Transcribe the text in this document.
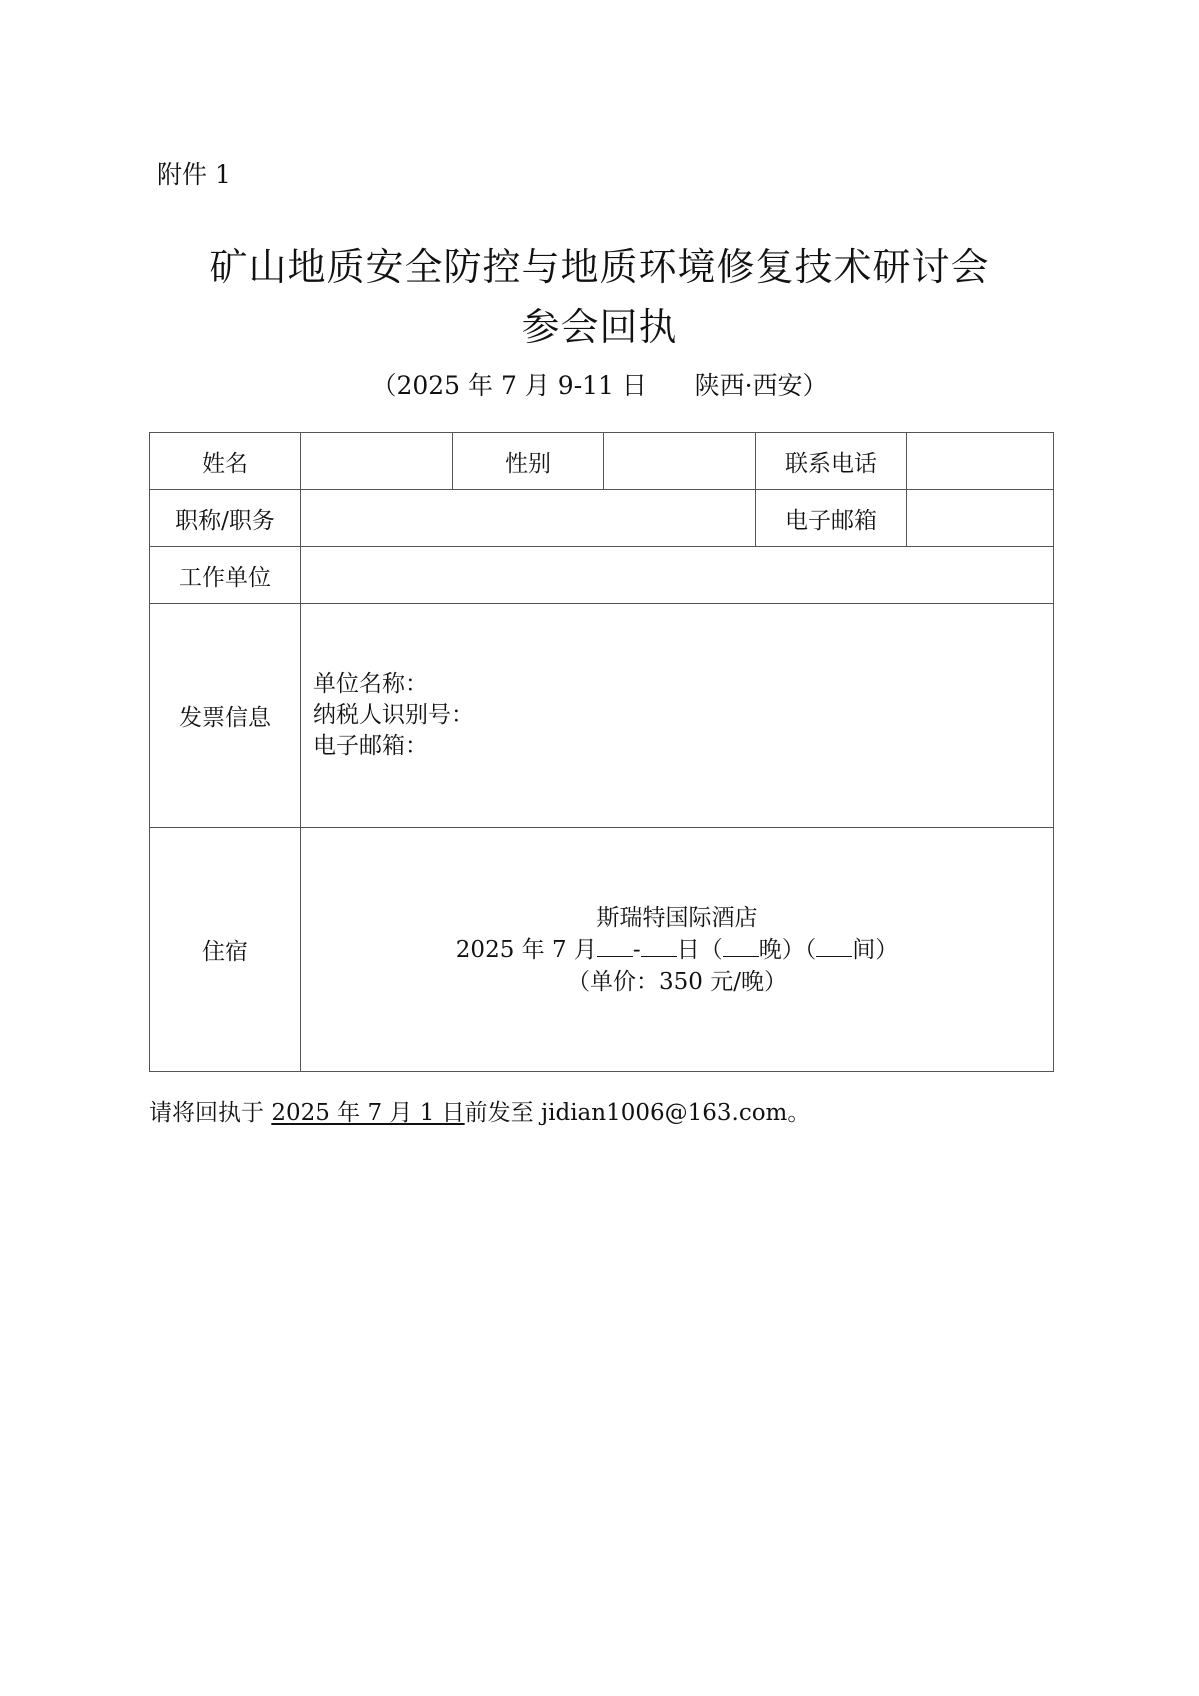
附件 1
矿山地质安全防控与地质环境修复技术研讨会
参会回执
（2025 年 7 月 9-11 日      陕西·西安）
姓名		性别		联系电话	
职称/职务				电子邮箱	
工作单位					
发票信息	单位名称：
纳税人识别号：
电子邮箱：				

住宿	斯瑞特国际酒店
2025 年 7 月 - 日（ 晚）（ 间）
（单价：350 元/晚）				
请将回执于 2025 年 7 月 1 日前发至 jidian1006@163.com。
